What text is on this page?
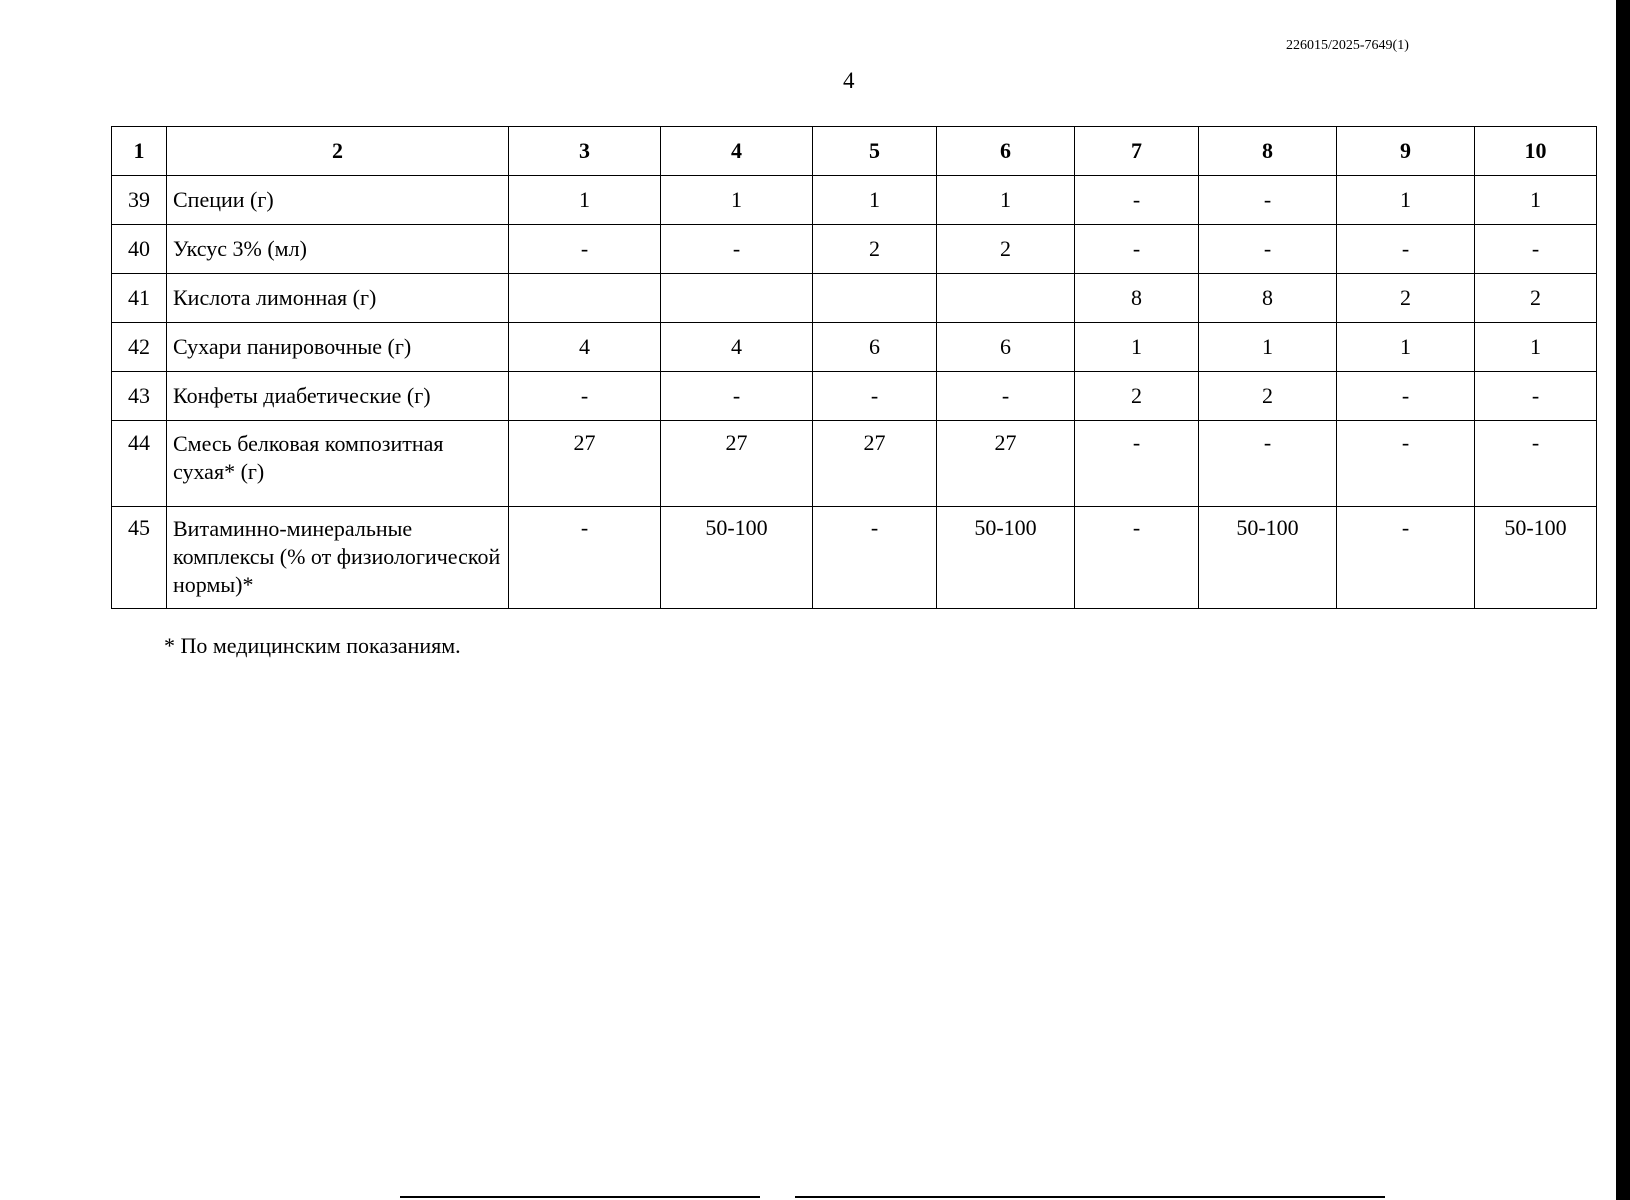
226015/2025-7649(1)
4
1	2	3	4	5	6	7	8	9	10
39	Специи (г)	1	1	1	1	-	-	1	1
40	Уксус 3% (мл)	-	-	2	2	-	-	-	-
41	Кислота лимонная (г)					8	8	2	2
42	Сухари панировочные (г)	4	4	6	6	1	1	1	1
43	Конфеты диабетические (г)	-	-	-	-	2	2	-	-
44	Смесь белковая композитная сухая* (г)	27	27	27	27	-	-	-	-
45	Витаминно-минеральные комплексы (% от физиологической нормы)*	-	50-100	-	50-100	-	50-100	-	50-100
* По медицинским показаниям.
